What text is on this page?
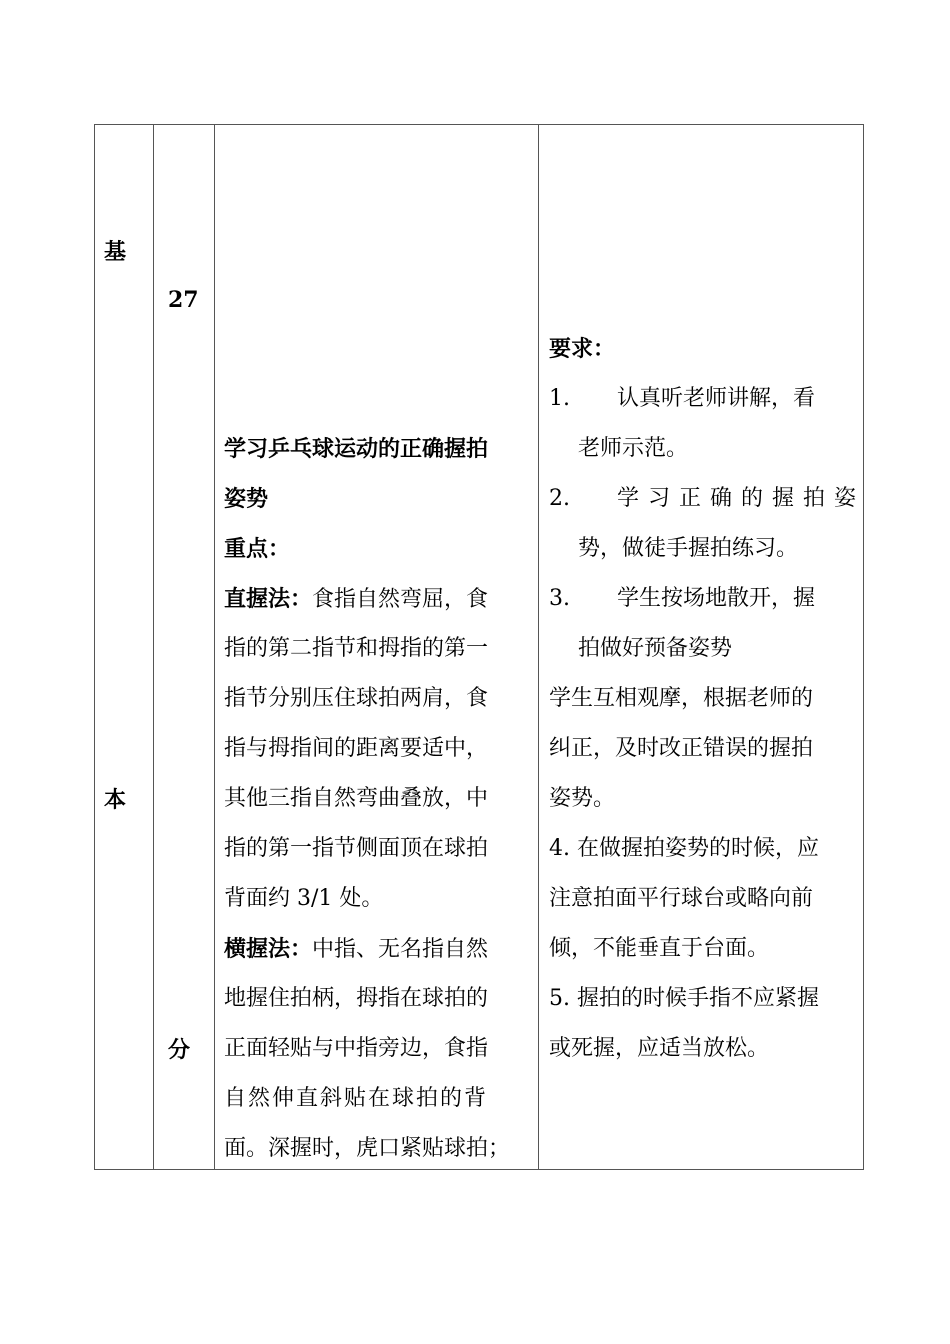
基
本
27
分
学习乒乓球运动的正确握拍
姿势
重点：
直握法：食指自然弯屈，食
指的第二指节和拇指的第一
指节分别压住球拍两肩，食
指与拇指间的距离要适中，
其他三指自然弯曲叠放，中
指的第一指节侧面顶在球拍
背面约 3/1 处。
横握法：中指、无名指自然
地握住拍柄，拇指在球拍的
正面轻贴与中指旁边，食指
自然伸直斜贴在球拍的背
面。深握时，虎口紧贴球拍；
要求：
1. 认真听老师讲解，看
老师示范。
2. 学习正确的握拍姿
势，做徒手握拍练习。
3. 学生按场地散开，握
拍做好预备姿势
学生互相观摩，根据老师的
纠正，及时改正错误的握拍
姿势。
4. 在做握拍姿势的时候，应
注意拍面平行球台或略向前
倾，不能垂直于台面。
5. 握拍的时候手指不应紧握
或死握，应适当放松。
